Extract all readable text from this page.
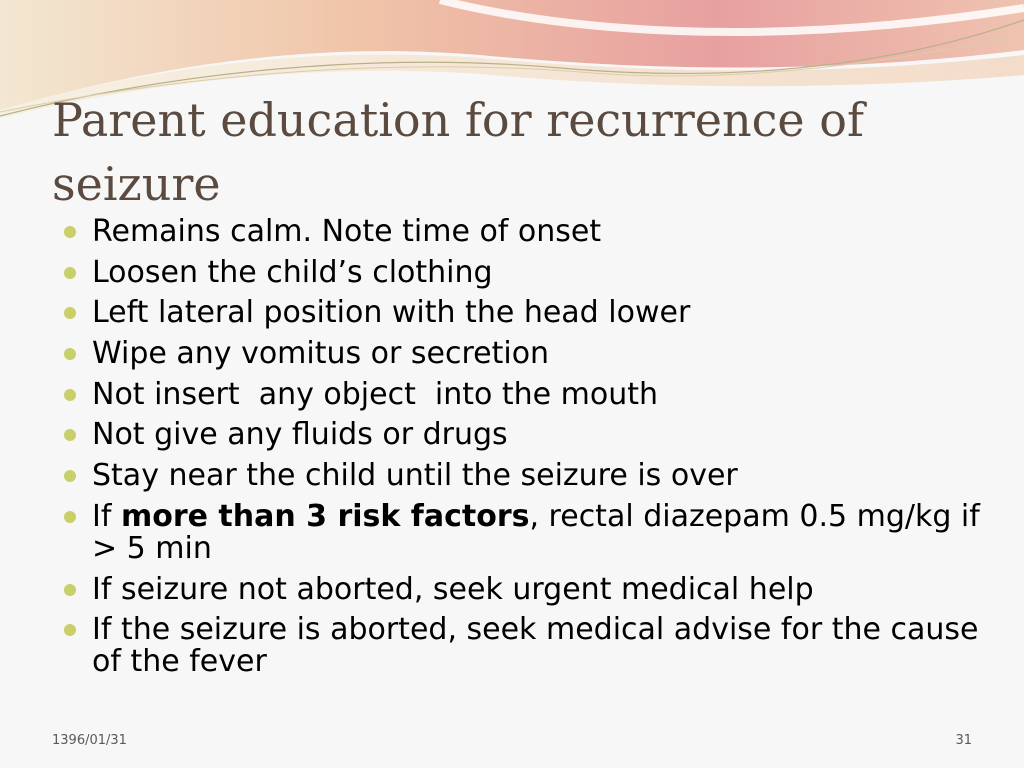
Parent education for recurrence of seizure
Remains calm. Note time of onset
Loosen the child’s clothing
Left lateral position with the head lower
Wipe any vomitus or secretion
Not insert  any object  into the mouth
Not give any fluids or drugs
Stay near the child until the seizure is over
If more than 3 risk factors, rectal diazepam 0.5 mg/kg if > 5 min
If seizure not aborted, seek urgent medical help
If the seizure is aborted, seek medical advise for the cause of the fever
1396/01/31	31
